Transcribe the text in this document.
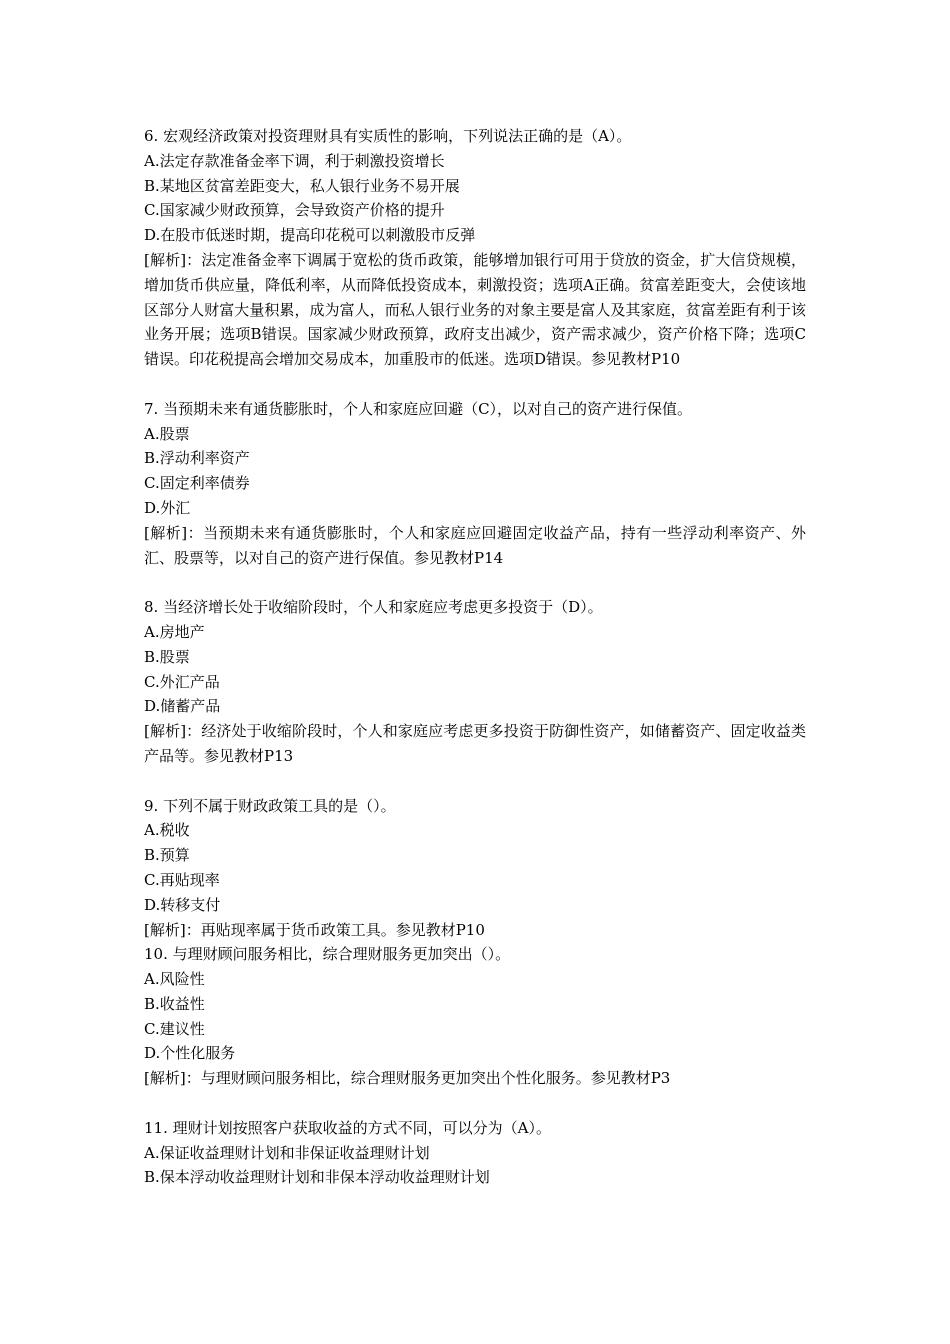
6. 宏观经济政策对投资理财具有实质性的影响，下列说法正确的是（A）。
A.法定存款准备金率下调，利于刺激投资增长
B.某地区贫富差距变大，私人银行业务不易开展
C.国家减少财政预算，会导致资产价格的提升
D.在股市低迷时期，提高印花税可以刺激股市反弹
[解析]：法定准备金率下调属于宽松的货币政策，能够增加银行可用于贷放的资金，扩大信贷规模，增加货币供应量，降低利率，从而降低投资成本，刺激投资；选项A正确。贫富差距变大，会使该地区部分人财富大量积累，成为富人，而私人银行业务的对象主要是富人及其家庭，贫富差距有利于该业务开展；选项B错误。国家减少财政预算，政府支出减少，资产需求减少，资产价格下降；选项C错误。印花税提高会增加交易成本，加重股市的低迷。选项D错误。参见教材P10
7. 当预期未来有通货膨胀时，个人和家庭应回避（C），以对自己的资产进行保值。
A.股票
B.浮动利率资产
C.固定利率债券
D.外汇
[解析]：当预期未来有通货膨胀时，个人和家庭应回避固定收益产品，持有一些浮动利率资产、外汇、股票等，以对自己的资产进行保值。参见教材P14
8. 当经济增长处于收缩阶段时，个人和家庭应考虑更多投资于（D）。
A.房地产
B.股票
C.外汇产品
D.储蓄产品
[解析]：经济处于收缩阶段时，个人和家庭应考虑更多投资于防御性资产，如储蓄资产、固定收益类产品等。参见教材P13
9. 下列不属于财政政策工具的是（）。
A.税收
B.预算
C.再贴现率
D.转移支付
[解析]：再贴现率属于货币政策工具。参见教材P10
10. 与理财顾问服务相比，综合理财服务更加突出（）。
A.风险性
B.收益性
C.建议性
D.个性化服务
[解析]：与理财顾问服务相比，综合理财服务更加突出个性化服务。参见教材P3
11. 理财计划按照客户获取收益的方式不同，可以分为（A）。
A.保证收益理财计划和非保证收益理财计划
B.保本浮动收益理财计划和非保本浮动收益理财计划
